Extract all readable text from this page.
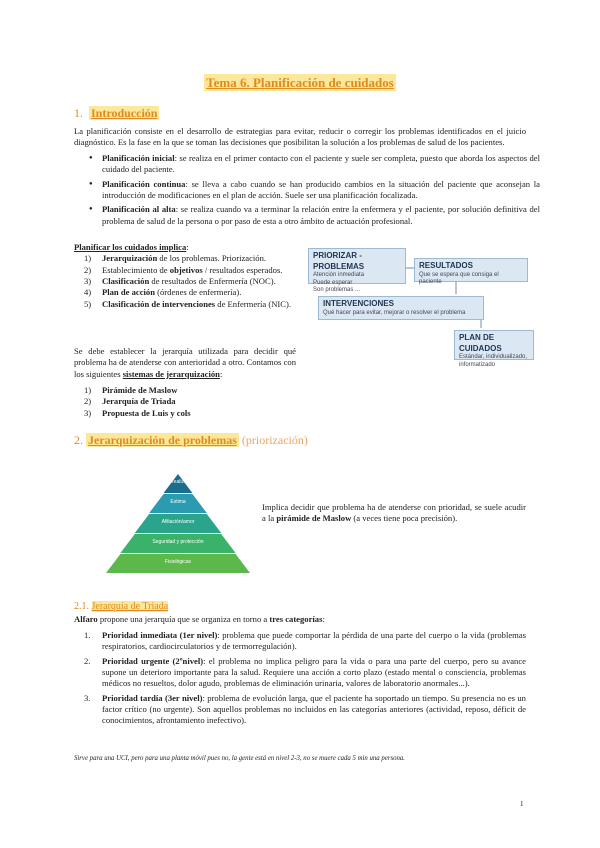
Tema 6. Planificación de cuidados
1. Introducción

La planificación consiste en el desarrollo de estrategias para evitar, reducir o corregir los problemas identificados en el juicio diagnóstico. Es la fase en la que se toman las decisiones que posibilitan la solución a los problemas de salud de los pacientes.

● Planificación inicial: se realiza en el primer contacto con el paciente y suele ser completa, puesto que aborda los aspectos del cuidado del paciente.
● Planificación continua: se lleva a cabo cuando se han producido cambios en la situación del paciente que aconsejan la introducción de modificaciones en el plan de acción. Suele ser una planificación focalizada.
● Planificación al alta: se realiza cuando va a terminar la relación entre la enfermera y el paciente, por solución definitiva del problema de salud de la persona o por paso de esta a otro ámbito de actuación profesional.

Planificar los cuidados implica:

1) Jerarquización de los problemas. Priorización.
2) Establecimiento de objetivos / resultados esperados.
3) Clasificación de resultados de Enfermería (NOC).
4) Plan de acción (órdenes de enfermería).
5) Clasificación de intervenciones de Enfermería (NIC).
PRIORIZAR - PROBLEMAS
Atención inmediata
Puede esperar
Son problemas ...
RESULTADOS
Que se espera que consiga el paciente
INTERVENCIONES
Qué hacer para evitar, mejorar o resolver el problema
PLAN DE CUIDADOS
Estándar, individualizado,
informatizado

Se debe establecer la jerarquía utilizada para decidir qué problema ha de atenderse con anterioridad a otro. Contamos con los siguientes sistemas de jerarquización:

1) Pirámide de Maslow
2) Jerarquía de Triada
3) Propuesta de Luis y cols
2. Jerarquización de problemas (priorización)
Autorrealización
Estima
Afiliación/amor
Seguridad y protección
Fisiológicas

Implica decidir que problema ha de atenderse con prioridad, se suele acudir a la pirámide de Maslow (a veces tiene poca precisión).

2.1. Jerarquía de Triada

Alfaro propone una jerarquía que se organiza en torno a tres categorías:

1. Prioridad inmediata (1er nivel): problema que puede comportar la pérdida de una parte del cuerpo o la vida (problemas respiratorios, cardiocirculatorios y de termorregulación).
2. Prioridad urgente (2ºnivel): el problema no implica peligro para la vida o para una parte del cuerpo, pero su avance supone un deterioro importante para la salud. Requiere una acción a corto plazo (estado mental o consciencia, problemas médicos no resueltos, dolor agudo, problemas de eliminación urinaria, valores de laboratorio anormales...).
3. Prioridad tardía (3er nivel): problema de evolución larga, que el paciente ha soportado un tiempo. Su presencia no es un factor crítico (no urgente). Son aquellos problemas no incluidos en las categorías anteriores (actividad, reposo, déficit de conocimientos, afrontamiento inefectivo).

Sirve para una UCI, pero para una planta móvil pues no, la gente está en nivel 2-3, no se muere cada 5 min una persona.

1
